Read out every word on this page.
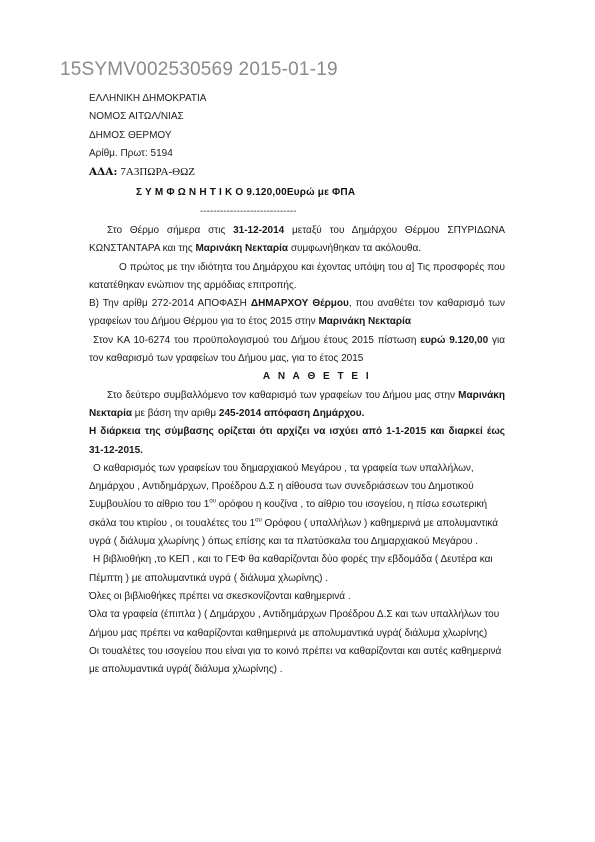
15SYMV002530569 2015-01-19
ΕΛΛΗΝΙΚΗ ΔΗΜΟΚΡΑΤΙΑ
ΝΟΜΟΣ ΑΙΤΩΛ/ΝΙΑΣ
ΔΗΜΟΣ ΘΕΡΜΟΥ
Αρίθμ. Πρωτ: 5194
ΑΔΑ: 7Α3ΠΩΡΑ-ΘΩΖ
Σ Υ Μ Φ Ω Ν Η Τ Ι Κ Ο 9.120,00Ευρώ με ΦΠΑ
-----------------------------

Στο Θέρμο σήμερα στις 31-12-2014 μεταξύ του Δημάρχου Θέρμου ΣΠΥΡΙΔΩΝΑ ΚΩΝΣΤΑΝΤΑΡΑ και της Μαρινάκη Νεκταρία συμφωνήθηκαν τα ακόλουθα.

Ο πρώτος με την ιδιότητα του Δημάρχου και έχοντας υπόψη του α] Τις προσφορές που κατατέθηκαν ενώπιον της αρμόδιας επιτροπής.

Β) Την αρίθμ 272-2014 ΑΠΟΦΑΣΗ ΔΗΜΑΡΧΟΥ Θέρμου, που αναθέτει τον καθαρισμό των γραφείων του Δήμου Θέρμου για το έτος 2015 στην Μαρινάκη Νεκταρία

Στον ΚΑ 10-6274 του προϋπολογισμού του Δήμου έτους 2015 πίστωση ευρώ 9.120,00 για τον καθαρισμό των γραφείων του Δήμου μας, για το έτος 2015

Α Ν Α Θ Ε Τ Ε Ι

Στο δεύτερο συμβαλλόμενο τον καθαρισμό των γραφείων του Δήμου μας στην Μαρινάκη Νεκταρία με βάση την αριθμ 245-2014 απόφαση Δημάρχου.

Η διάρκεια της σύμβασης ορίζεται ότι αρχίζει να ισχύει από 1-1-2015 και διαρκεί έως 31-12-2015.

Ο καθαρισμός των γραφείων του δημαρχιακού Μεγάρου , τα γραφεία των υπαλλήλων, Δημάρχου , Αντιδημάρχων, Προέδρου Δ.Σ η αίθουσα των συνεδριάσεων του Δημοτικού Συμβουλίου το αίθριο του $1^{o\upsilon}$ ορόφου η κουζίνα , το αίθριο του ισογείου, η πίσω εσωτερική σκάλα του κτιρίου , οι τουαλέτες του $1^{o\upsilon}$ Ορόφου ( υπαλλήλων ) καθημερινά με απολυμαντικά υγρά ( διάλυμα χλωρίνης ) όπως επίσης και τα πλατύσκαλα του Δημαρχιακού Μεγάρου .

Η βιβλιοθήκη ,το ΚΕΠ , και το ΓΕΦ θα καθαρίζονται δύο φορές την εβδομάδα ( Δευτέρα και Πέμπτη ) με απολυμαντικά υγρά ( διάλυμα χλωρίνης) .

Όλες οι βιβλιοθήκες πρέπει να σκεσκονίζονται καθημερινά .

Όλα τα γραφεία (έπιπλα ) ( Δημάρχου , Αντιδημάρχων Προέδρου Δ.Σ και των υπαλλήλων του Δήμου μας πρέπει να καθαρίζονται καθημερινά με απολυμαντικά υγρά( διάλυμα χλωρίνης)

Οι τουαλέτες του ισογείου που είναι για το κοινό πρέπει να καθαρίζονται και αυτές καθημερινά με απολυμαντικά υγρά( διάλυμα χλωρίνης) .
